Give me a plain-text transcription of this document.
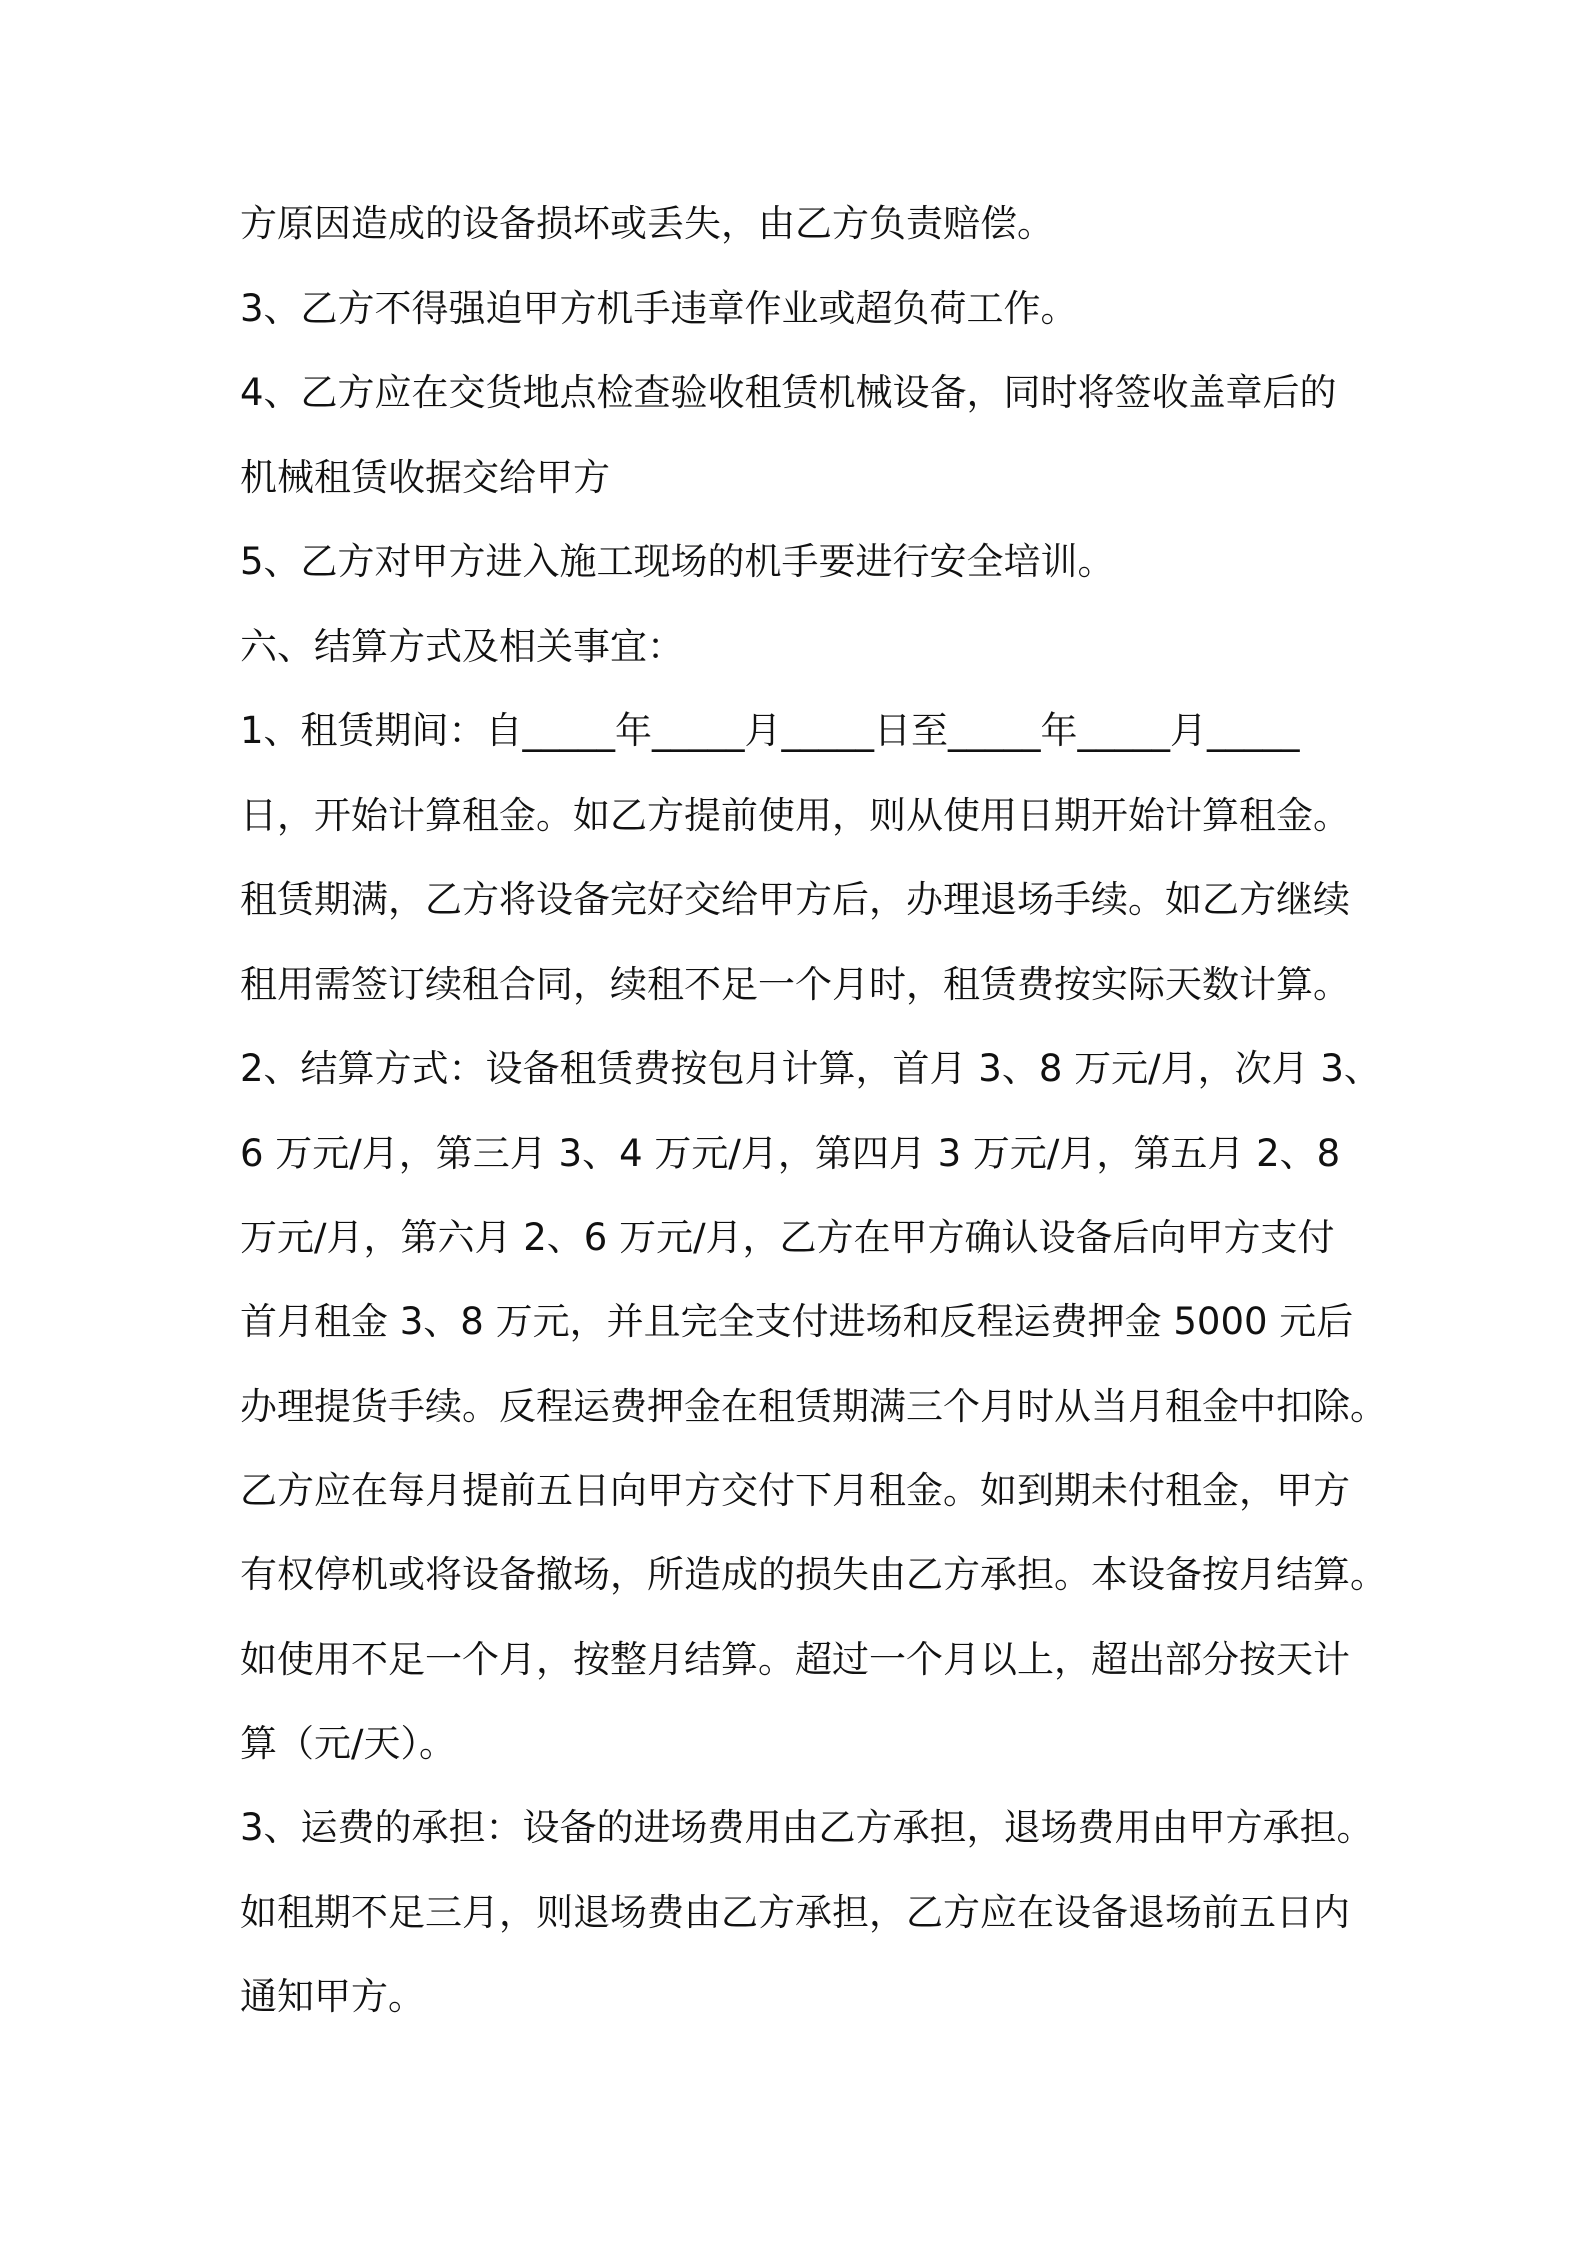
方原因造成的设备损坏或丢失，由乙方负责赔偿。
3、乙方不得强迫甲方机手违章作业或超负荷工作。
4、乙方应在交货地点检查验收租赁机械设备，同时将签收盖章后的
机械租赁收据交给甲方
5、乙方对甲方进入施工现场的机手要进行安全培训。
六、结算方式及相关事宜：
1、租赁期间：自_____年_____月_____日至_____年_____月_____
日，开始计算租金。如乙方提前使用，则从使用日期开始计算租金。
租赁期满，乙方将设备完好交给甲方后，办理退场手续。如乙方继续
租用需签订续租合同，续租不足一个月时，租赁费按实际天数计算。
2、结算方式：设备租赁费按包月计算，首月 3、8 万元/月，次月 3、
6 万元/月，第三月 3、4 万元/月，第四月 3 万元/月，第五月 2、8
万元/月，第六月 2、6 万元/月，乙方在甲方确认设备后向甲方支付
首月租金 3、8 万元，并且完全支付进场和反程运费押金 5000 元后
办理提货手续。反程运费押金在租赁期满三个月时从当月租金中扣除。
乙方应在每月提前五日向甲方交付下月租金。如到期未付租金，甲方
有权停机或将设备撤场，所造成的损失由乙方承担。本设备按月结算。
如使用不足一个月，按整月结算。超过一个月以上，超出部分按天计
算（元/天）。
3、运费的承担：设备的进场费用由乙方承担，退场费用由甲方承担。
如租期不足三月，则退场费由乙方承担，乙方应在设备退场前五日内
通知甲方。
